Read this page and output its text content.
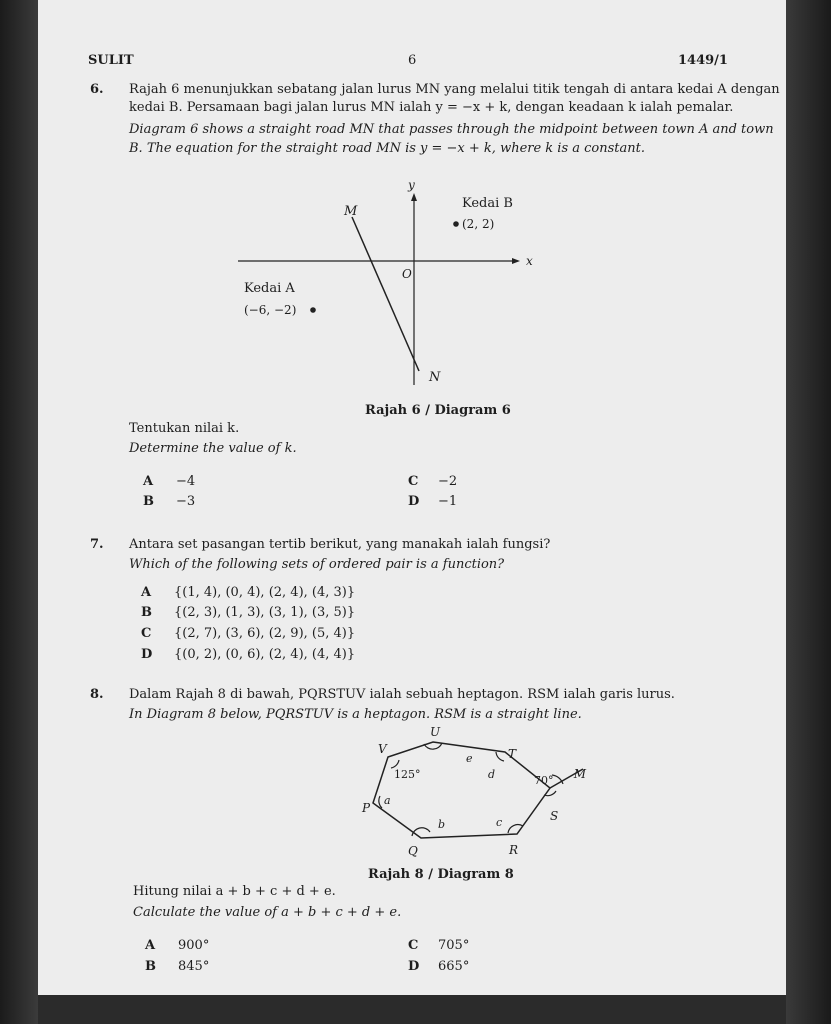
SULIT	6	1449/1
6. Rajah 6 menunjukkan sebatang jalan lurus MN yang melalui titik tengah di antara kedai A dengan
kedai B. Persamaan bagi jalan lurus MN ialah y = −x + k, dengan keadaan k ialah pemalar.
Diagram 6 shows a straight road MN that passes through the midpoint between town A and town
B. The equation for the straight road MN is y = −x + k, where k is a constant.
y
x
O
M
N
Kedai B
(2, 2)
Kedai A
(−6, −2)
Rajah 6 / Diagram 6
Tentukan nilai k.
Determine the value of k.
A −4
B −3
C −2
D −1
7. Antara set pasangan tertib berikut, yang manakah ialah fungsi?
Which of the following sets of ordered pair is a function?
A {(1, 4), (0, 4), (2, 4), (4, 3)}
B {(2, 3), (1, 3), (3, 1), (3, 5)}
C {(2, 7), (3, 6), (2, 9), (5, 4)}
D {(0, 2), (0, 6), (2, 4), (4, 4)}
8. Dalam Rajah 8 di bawah, PQRSTUV ialah sebuah heptagon. RSM ialah garis lurus.
In Diagram 8 below, PQRSTUV is a heptagon. RSM is a straight line.
U
V	T
M
P
S
Q	R
125°	70°
a
b	c
d
e
Rajah 8 / Diagram 8
Hitung nilai a + b + c + d + e.
Calculate the value of a + b + c + d + e.
A 900°
B 845°
C 705°
D 665°
